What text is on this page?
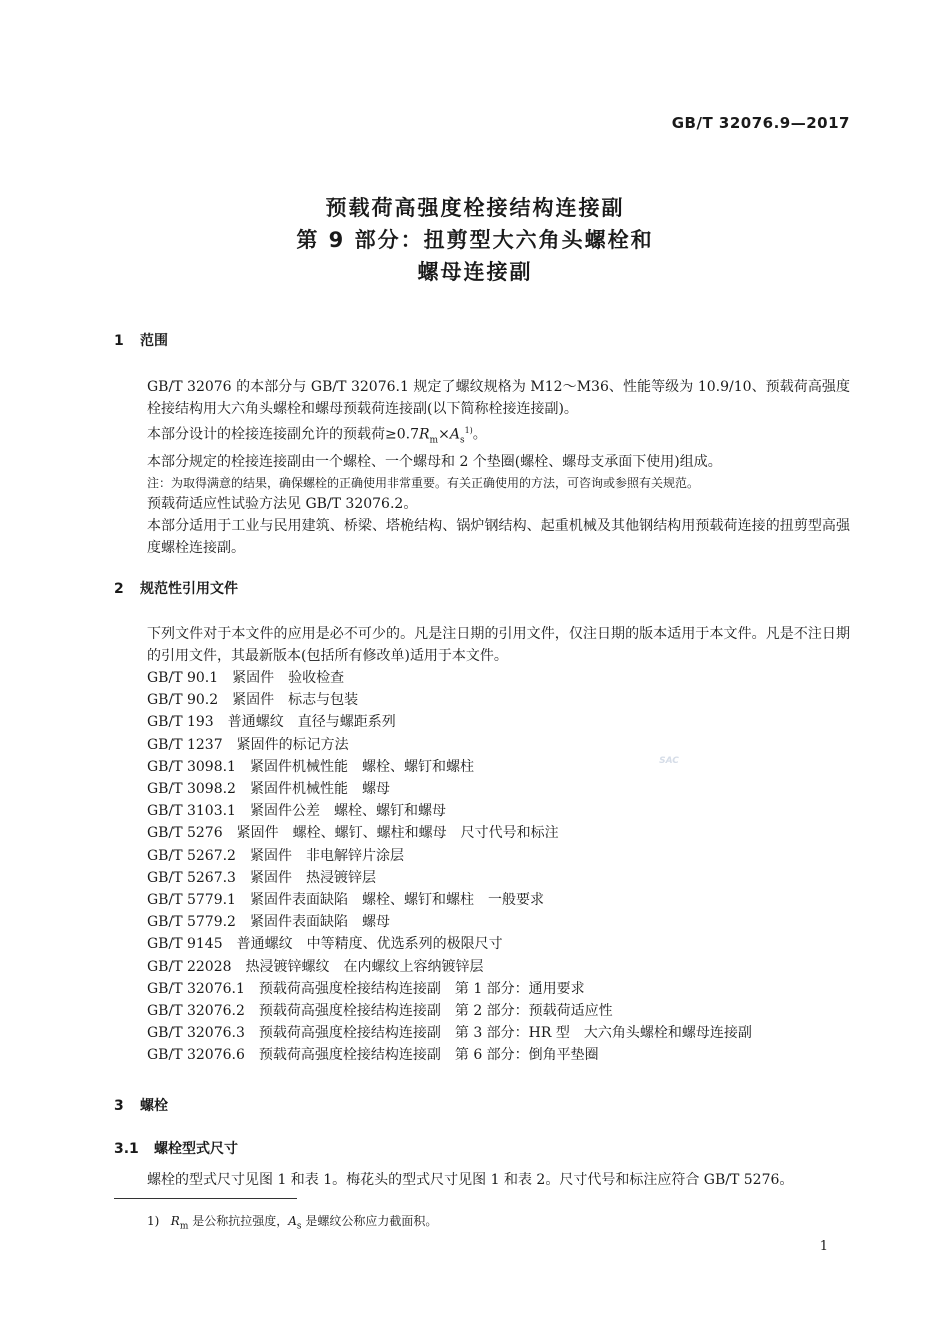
GB/T 32076.9—2017
预载荷高强度栓接结构连接副
第 9 部分：扭剪型大六角头螺栓和
螺母连接副
1 范围
GB/T 32076 的本部分与 GB/T 32076.1 规定了螺纹规格为 M12～M36、性能等级为 10.9/10、预载荷高强度栓接结构用大六角头螺栓和螺母预载荷连接副(以下简称栓接连接副)。
本部分设计的栓接连接副允许的预载荷$\ge 0.7R_m\times A_s^{1)}$。
本部分规定的栓接连接副由一个螺栓、一个螺母和 2 个垫圈(螺栓、螺母支承面下使用)组成。
注：为取得满意的结果，确保螺栓的正确使用非常重要。有关正确使用的方法，可咨询或参照有关规范。
预载荷适应性试验方法见 GB/T 32076.2。
本部分适用于工业与民用建筑、桥梁、塔桅结构、锅炉钢结构、起重机械及其他钢结构用预载荷连接的扭剪型高强度螺栓连接副。
2 规范性引用文件
下列文件对于本文件的应用是必不可少的。凡是注日期的引用文件，仅注日期的版本适用于本文件。凡是不注日期的引用文件，其最新版本(包括所有修改单)适用于本文件。
GB/T 90.1 紧固件　验收检查
GB/T 90.2 紧固件　标志与包装
GB/T 193 普通螺纹　直径与螺距系列
GB/T 1237 紧固件的标记方法
GB/T 3098.1 紧固件机械性能　螺栓、螺钉和螺柱
GB/T 3098.2 紧固件机械性能　螺母
GB/T 3103.1 紧固件公差　螺栓、螺钉和螺母
GB/T 5276 紧固件　螺栓、螺钉、螺柱和螺母　尺寸代号和标注
GB/T 5267.2 紧固件　非电解锌片涂层
GB/T 5267.3 紧固件　热浸镀锌层
GB/T 5779.1 紧固件表面缺陷　螺栓、螺钉和螺柱　一般要求
GB/T 5779.2 紧固件表面缺陷　螺母
GB/T 9145 普通螺纹　中等精度、优选系列的极限尺寸
GB/T 22028 热浸镀锌螺纹　在内螺纹上容纳镀锌层
GB/T 32076.1 预载荷高强度栓接结构连接副　第 1 部分：通用要求
GB/T 32076.2 预载荷高强度栓接结构连接副　第 2 部分：预载荷适应性
GB/T 32076.3 预载荷高强度栓接结构连接副　第 3 部分：HR 型　大六角头螺栓和螺母连接副
GB/T 32076.6 预载荷高强度栓接结构连接副　第 6 部分：倒角平垫圈
SAC
3 螺栓
3.1 螺栓型式尺寸
螺栓的型式尺寸见图 1 和表 1。梅花头的型式尺寸见图 1 和表 2。尺寸代号和标注应符合 GB/T 5276。
1) $R_m$ 是公称抗拉强度，$A_s$ 是螺纹公称应力截面积。
1
